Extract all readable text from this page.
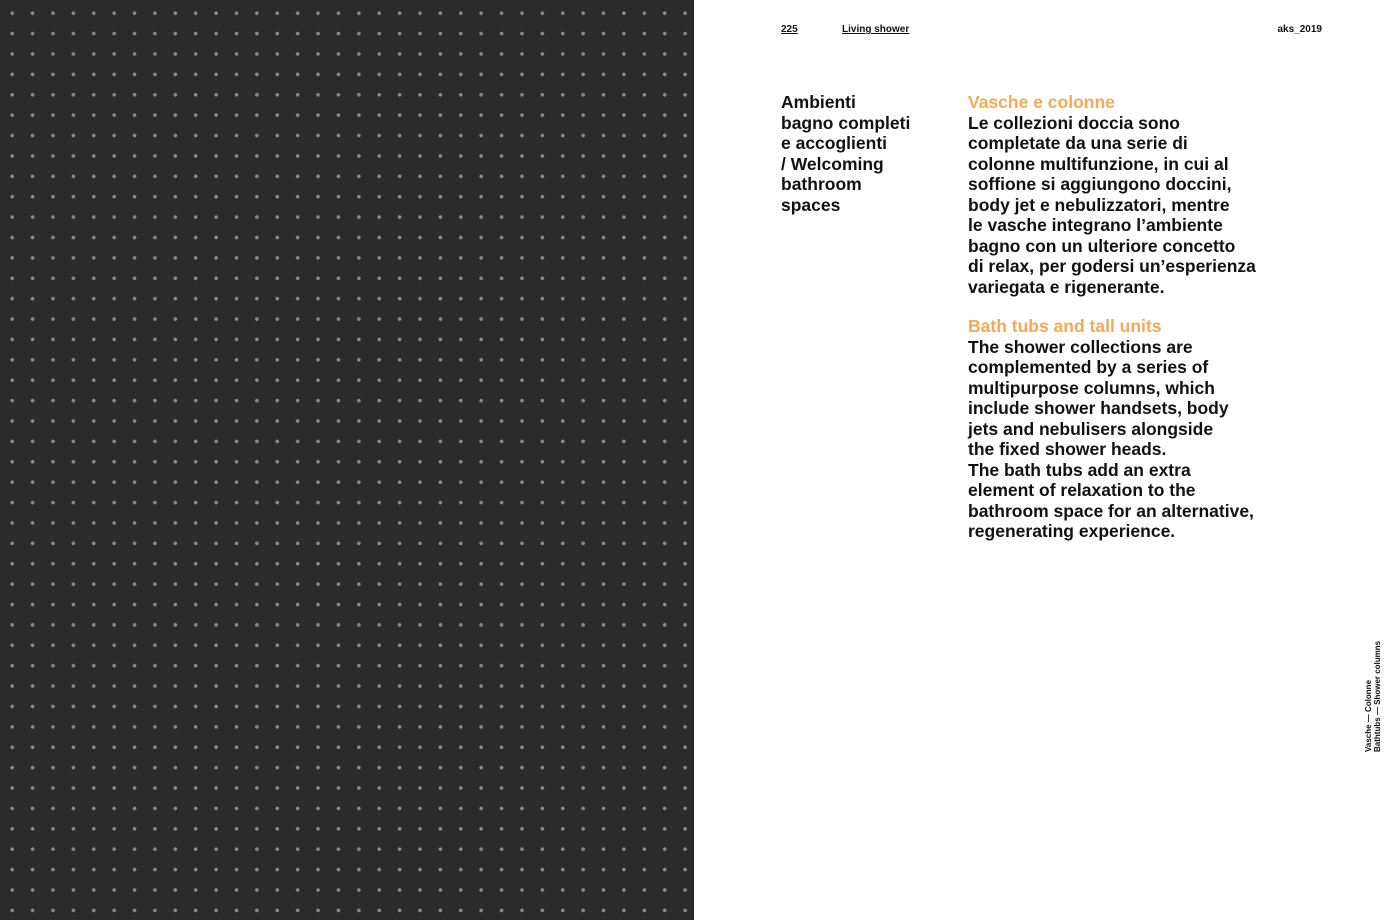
225	Living shower	aks_2019
Ambienti
bagno completi
e accoglienti
/ Welcoming
bathroom
spaces
Vasche e colonne

Le collezioni doccia sono
completate da una serie di
colonne multifunzione, in cui al
soffione si aggiungono doccini,
body jet e nebulizzatori, mentre
le vasche integrano l’ambiente
bagno con un ulteriore concetto
di relax, per godersi un’esperienza
variegata e rigenerante.

Bath tubs and tall units

The shower collections are
complemented by a series of
multipurpose columns, which
include shower handsets, body
jets and nebulisers alongside
the fixed shower heads.
The bath tubs add an extra
element of relaxation to the
bathroom space for an alternative,
regenerating experience.

Vasche — Colonne Bathtubs — Shower columns
